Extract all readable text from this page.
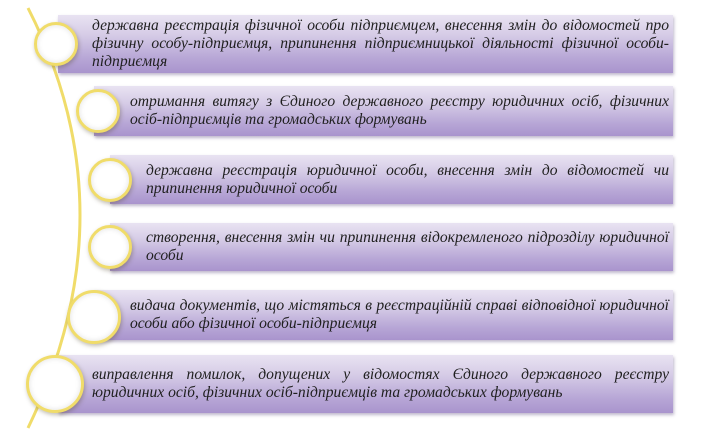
державна реєстрація фізичної особи підприємцем, внесення змін до відомостей про фізичну особу-підприємця, припинення підприємницької діяльності фізичної особи-підприємця
отримання витягу з Єдиного державного реєстру юридичних осіб, фізичних осіб-підприємців та громадських формувань
державна реєстрація юридичної особи, внесення змін до відомостей чи припинення юридичної особи
створення, внесення змін чи припинення відокремленого підрозділу юридичної особи
видача документів, що містяться в реєстраційній справі відповідної юридичної особи або фізичної особи-підприємця
виправлення помилок, допущених у відомостях Єдиного державного реєстру юридичних осіб, фізичних осіб-підприємців та громадських формувань
